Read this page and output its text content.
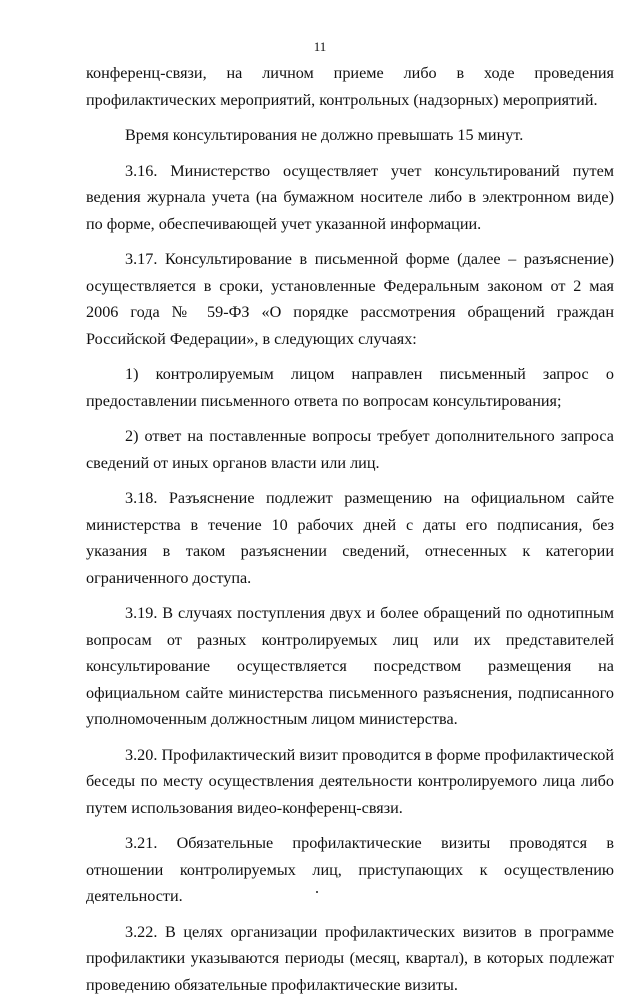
11

конференц-связи, на личном приеме либо в ходе проведения профилактических мероприятий, контрольных (надзорных) мероприятий.

Время консультирования не должно превышать 15 минут.

3.16. Министерство осуществляет учет консультирований путем ведения журнала учета (на бумажном носителе либо в электронном виде) по форме, обеспечивающей учет указанной информации.

3.17. Консультирование в письменной форме (далее – разъяснение) осуществляется в сроки, установленные Федеральным законом от 2 мая 2006 года № 59-ФЗ «О порядке рассмотрения обращений граждан Российской Федерации», в следующих случаях:

1) контролируемым лицом направлен письменный запрос о предоставлении письменного ответа по вопросам консультирования;

2) ответ на поставленные вопросы требует дополнительного запроса сведений от иных органов власти или лиц.

3.18. Разъяснение подлежит размещению на официальном сайте министерства в течение 10 рабочих дней с даты его подписания, без указания в таком разъяснении сведений, отнесенных к категории ограниченного доступа.

3.19. В случаях поступления двух и более обращений по однотипным вопросам от разных контролируемых лиц или их представителей консультирование осуществляется посредством размещения на официальном сайте министерства письменного разъяснения, подписанного уполномоченным должностным лицом министерства.

3.20. Профилактический визит проводится в форме профилактической беседы по месту осуществления деятельности контролируемого лица либо путем использования видео-конференц-связи.

3.21. Обязательные профилактические визиты проводятся в отношении контролируемых лиц, приступающих к осуществлению деятельности.

3.22. В целях организации профилактических визитов в программе профилактики указываются периоды (месяц, квартал), в которых подлежат проведению обязательные профилактические визиты.
